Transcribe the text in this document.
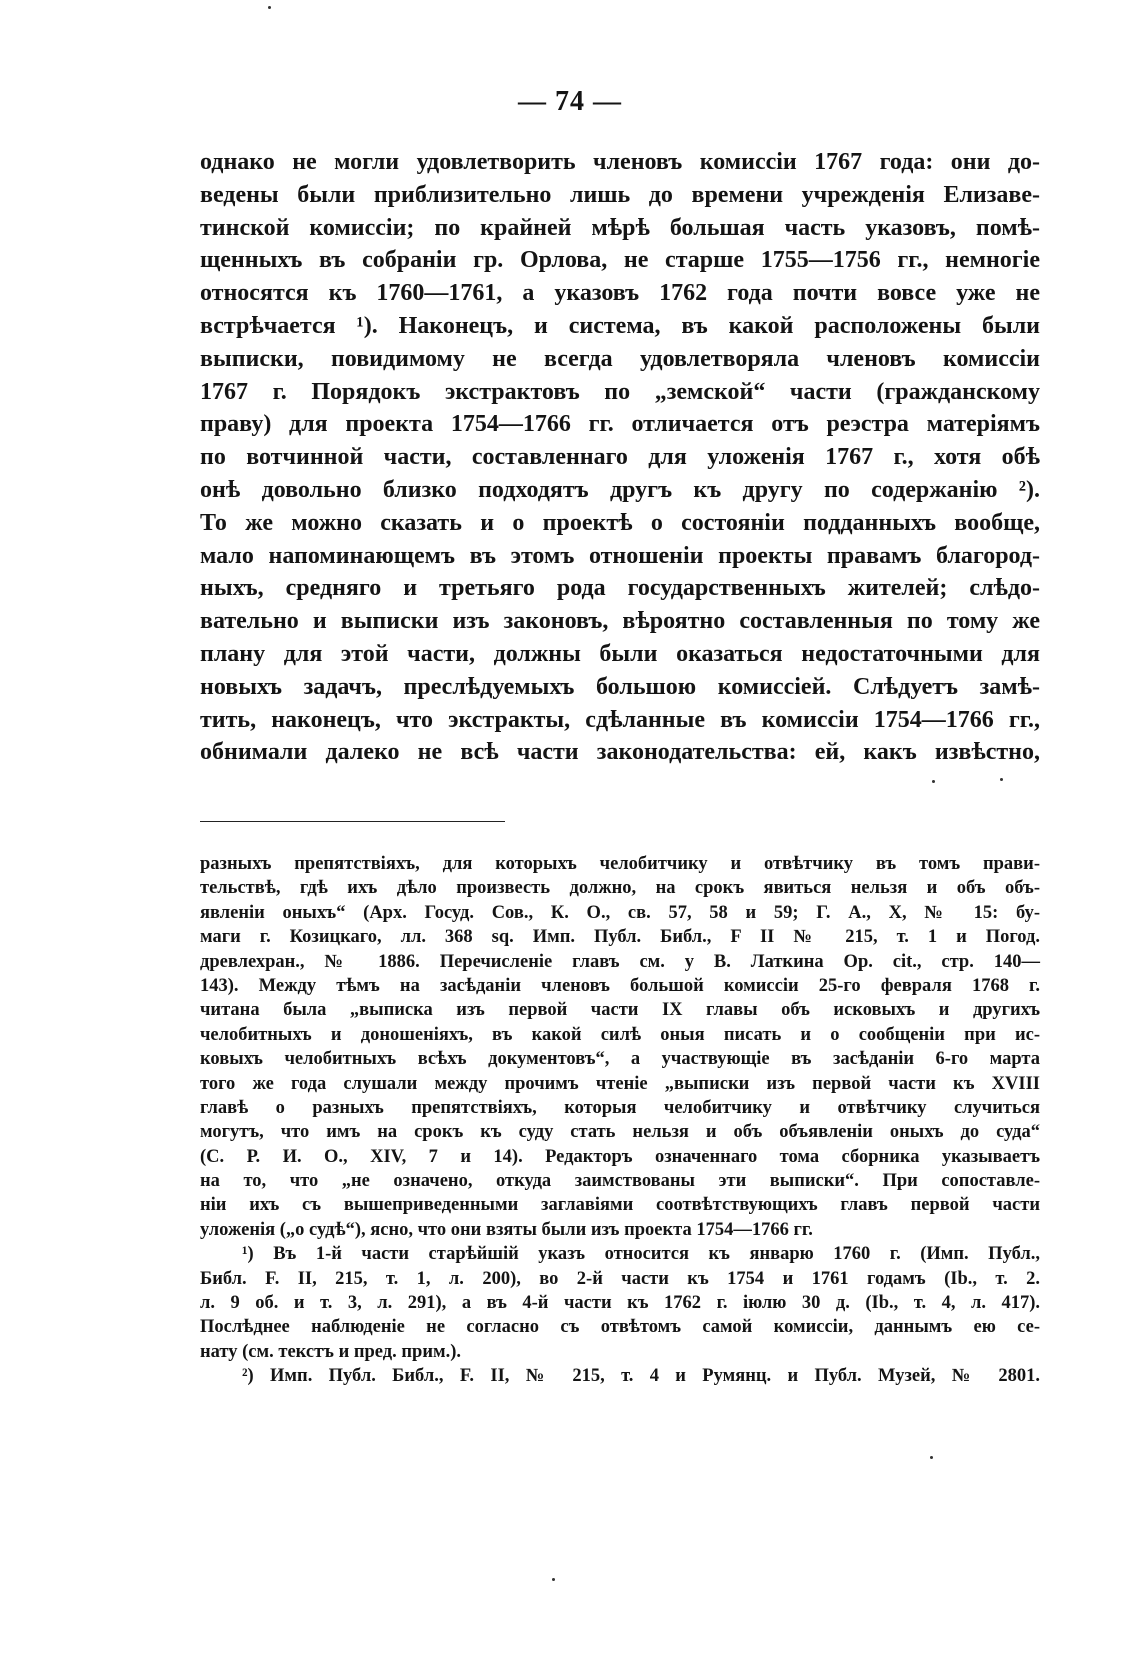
— 74 —
однако не могли удовлетворить членовъ комиссіи 1767 года: они до-
ведены были приблизительно лишь до времени учрежденія Елизаве-
тинской комиссіи; по крайней мѣрѣ большая часть указовъ, помѣ-
щенныхъ въ собраніи гр. Орлова, не старше 1755—1756 гг., немногіе
относятся къ 1760—1761, а указовъ 1762 года почти вовсе уже не
встрѣчается ¹). Наконецъ, и система, въ какой расположены были
выписки, повидимому не всегда удовлетворяла членовъ комиссіи
1767 г. Порядокъ экстрактовъ по „земской“ части (гражданскому
праву) для проекта 1754—1766 гг. отличается отъ реэстра матеріямъ
по вотчинной части, составленнаго для уложенія 1767 г., хотя обѣ
онѣ довольно близко подходятъ другъ къ другу по содержанію ²).
То же можно сказать и о проектѣ о состояніи подданныхъ вообще,
мало напоминающемъ въ этомъ отношеніи проекты правамъ благород-
ныхъ, средняго и третьяго рода государственныхъ жителей; слѣдо-
вательно и выписки изъ законовъ, вѣроятно составленныя по тому же
плану для этой части, должны были оказаться недостаточными для
новыхъ задачъ, преслѣдуемыхъ большою комиссіей. Слѣдуетъ замѣ-
тить, наконецъ, что экстракты, сдѣланные въ комиссіи 1754—1766 гг.,
обнимали далеко не всѣ части законодательства: ей, какъ извѣстно,
разныхъ препятствіяхъ, для которыхъ челобитчику и отвѣтчику въ томъ прави-
тельствѣ, гдѣ ихъ дѣло произвесть должно, на срокъ явиться нельзя и объ объ-
явленіи оныхъ“ (Арх. Госуд. Сов., К. О., св. 57, 58 и 59; Г. А., X, № 15: бу-
маги г. Козицкаго, лл. 368 sq. Имп. Публ. Библ., F II № 215, т. 1 и Погод.
древлехран., № 1886. Перечисленіе главъ см. у В. Латкина Op. cit., стр. 140—
143). Между тѣмъ на засѣданіи членовъ большой комиссіи 25-го февраля 1768 г.
читана была „выписка изъ первой части IX главы объ исковыхъ и другихъ
челобитныхъ и доношеніяхъ, въ какой силѣ оныя писать и о сообщеніи при ис-
ковыхъ челобитныхъ всѣхъ документовъ“, а участвующіе въ засѣданіи 6-го марта
того же года слушали между прочимъ чтеніе „выписки изъ первой части къ XVIII
главѣ о разныхъ препятствіяхъ, которыя челобитчику и отвѣтчику случиться
могутъ, что имъ на срокъ къ суду стать нельзя и объ объявленіи оныхъ до суда“
(С. Р. И. О., XIV, 7 и 14). Редакторъ означеннаго тома сборника указываетъ
на то, что „не означено, откуда заимствованы эти выписки“. При сопоставле-
ніи ихъ съ вышеприведенными заглавіями соотвѣтствующихъ главъ первой части
уложенія („о судѣ“), ясно, что они взяты были изъ проекта 1754—1766 гг.
¹) Въ 1-й части старѣйшій указъ относится къ январю 1760 г. (Имп. Публ.,
Библ. F. II, 215, т. 1, л. 200), во 2-й части къ 1754 и 1761 годамъ (Ib., т. 2.
л. 9 об. и т. 3, л. 291), а въ 4-й части къ 1762 г. іюлю 30 д. (Ib., т. 4, л. 417).
Послѣднее наблюденіе не согласно съ отвѣтомъ самой комиссіи, даннымъ ею се-
нату (см. текстъ и пред. прим.).
²) Имп. Публ. Библ., F. II, № 215, т. 4 и Румянц. и Публ. Музей, № 2801.
